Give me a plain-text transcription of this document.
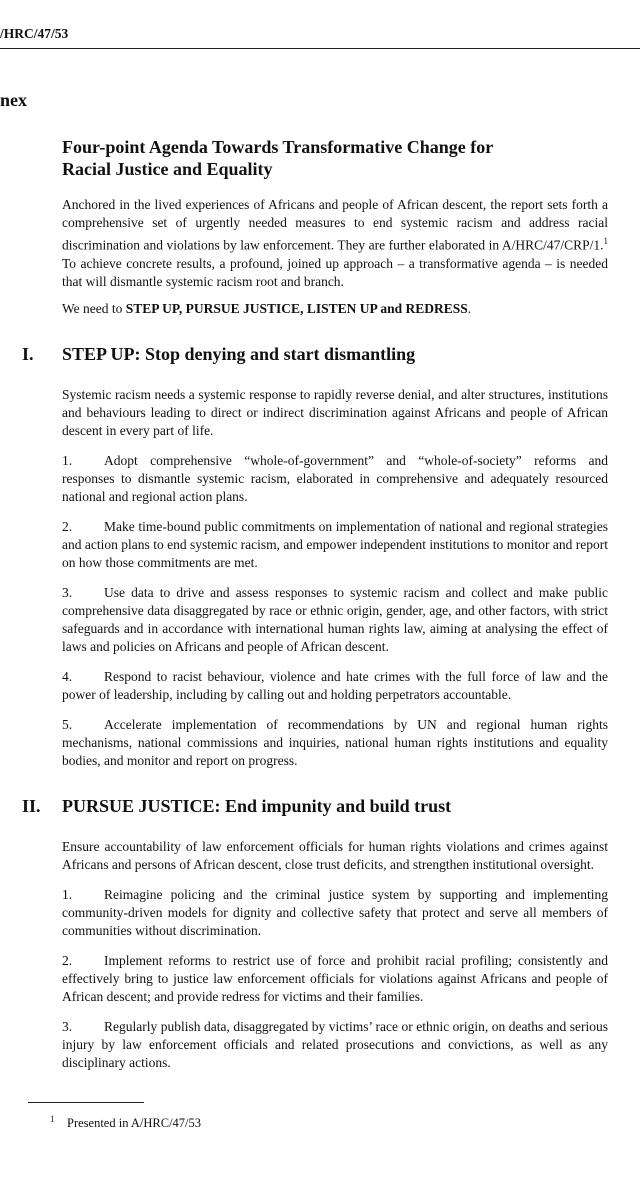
/HRC/47/53
nex
Four-point Agenda Towards Transformative Change for
Racial Justice and Equality

Anchored in the lived experiences of Africans and people of African descent, the report sets forth a comprehensive set of urgently needed measures to end systemic racism and address racial discrimination and violations by law enforcement. They are further elaborated in A/HRC/47/CRP/1.$^1$ To achieve concrete results, a profound, joined up approach – a transformative agenda – is needed that will dismantle systemic racism root and branch.

We need to STEP UP, PURSUE JUSTICE, LISTEN UP and REDRESS.

I. STEP UP: Stop denying and start dismantling

Systemic racism needs a systemic response to rapidly reverse denial, and alter structures, institutions and behaviours leading to direct or indirect discrimination against Africans and people of African descent in every part of life.

1. Adopt comprehensive “whole-of-government” and “whole-of-society” reforms and responses to dismantle systemic racism, elaborated in comprehensive and adequately resourced national and regional action plans.

2. Make time-bound public commitments on implementation of national and regional strategies and action plans to end systemic racism, and empower independent institutions to monitor and report on how those commitments are met.

3. Use data to drive and assess responses to systemic racism and collect and make public comprehensive data disaggregated by race or ethnic origin, gender, age, and other factors, with strict safeguards and in accordance with international human rights law, aiming at analysing the effect of laws and policies on Africans and people of African descent.

4. Respond to racist behaviour, violence and hate crimes with the full force of law and the power of leadership, including by calling out and holding perpetrators accountable.

5. Accelerate implementation of recommendations by UN and regional human rights mechanisms, national commissions and inquiries, national human rights institutions and equality bodies, and monitor and report on progress.

II. PURSUE JUSTICE: End impunity and build trust

Ensure accountability of law enforcement officials for human rights violations and crimes against Africans and persons of African descent, close trust deficits, and strengthen institutional oversight.

1. Reimagine policing and the criminal justice system by supporting and implementing community-driven models for dignity and collective safety that protect and serve all members of communities without discrimination.

2. Implement reforms to restrict use of force and prohibit racial profiling; consistently and effectively bring to justice law enforcement officials for violations against Africans and people of African descent; and provide redress for victims and their families.

3. Regularly publish data, disaggregated by victims’ race or ethnic origin, on deaths and serious injury by law enforcement officials and related prosecutions and convictions, as well as any disciplinary actions.

$^1$ Presented in A/HRC/47/53
